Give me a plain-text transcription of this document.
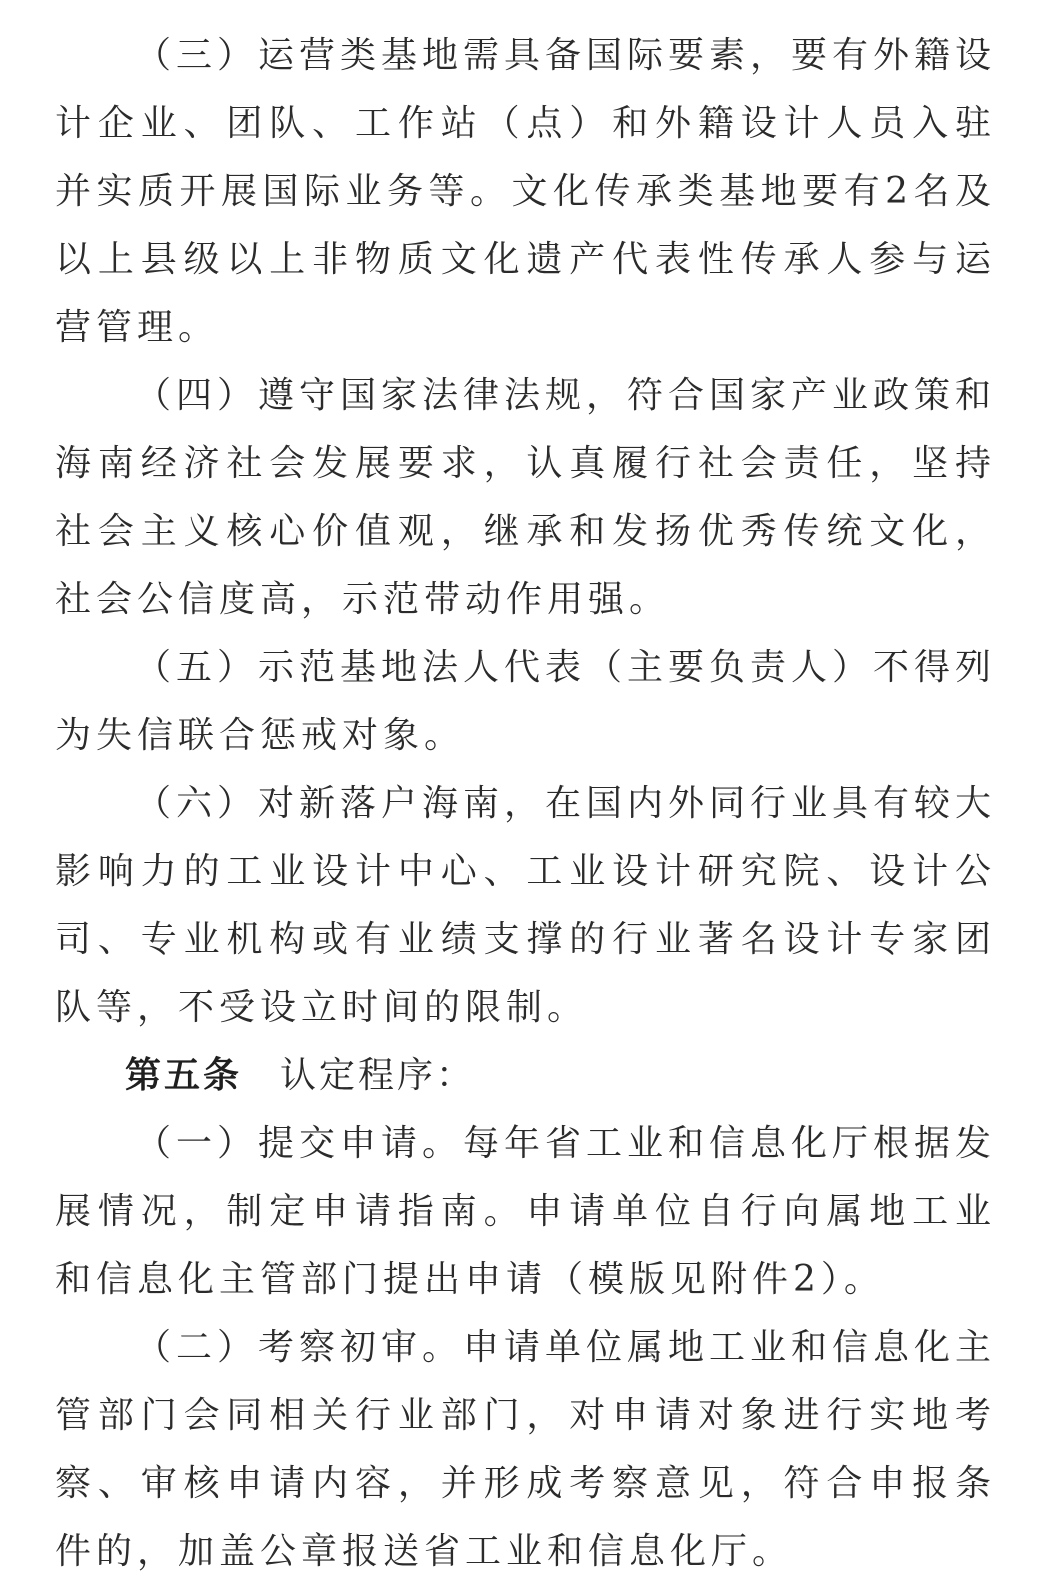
（三）运营类基地需具备国际要素，要有外籍设计企业、团队、工作站（点）和外籍设计人员入驻并实质开展国际业务等。文化传承类基地要有2名及以上县级以上非物质文化遗产代表性传承人参与运营管理。

（四）遵守国家法律法规，符合国家产业政策和海南经济社会发展要求，认真履行社会责任，坚持社会主义核心价值观，继承和发扬优秀传统文化，社会公信度高，示范带动作用强。

（五）示范基地法人代表（主要负责人）不得列为失信联合惩戒对象。

（六）对新落户海南，在国内外同行业具有较大影响力的工业设计中心、工业设计研究院、设计公司、专业机构或有业绩支撑的行业著名设计专家团队等，不受设立时间的限制。

第五条 认定程序：

（一）提交申请。每年省工业和信息化厅根据发展情况，制定申请指南。申请单位自行向属地工业和信息化主管部门提出申请（模版见附件2）。

（二）考察初审。申请单位属地工业和信息化主管部门会同相关行业部门，对申请对象进行实地考察、审核申请内容，并形成考察意见，符合申报条件的，加盖公章报送省工业和信息化厅。
